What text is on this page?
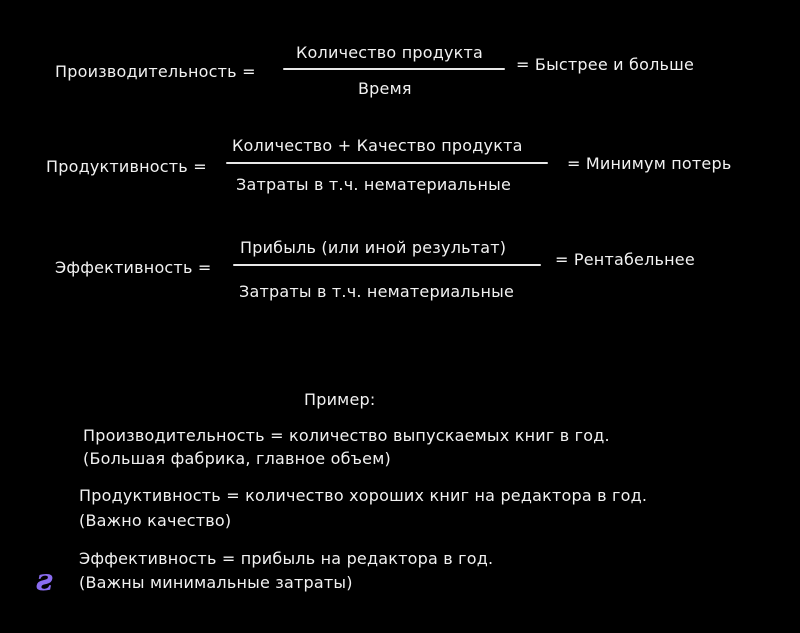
Производительность =
Количество продукта
Время
= Быстрее и больше
Продуктивность =
Количество + Качество продукта
Затраты в т.ч. нематериальные
= Минимум потерь
Эффективность =
Прибыль (или иной результат)
Затраты в т.ч. нематериальные
= Рентабельнее
Пример:
Производительность = количество выпускаемых книг в год.
(Большая фабрика, главное объем)
Продуктивность = количество хороших книг на редактора в год.
(Важно качество)
Эффективность = прибыль на редактора в год.
(Важны минимальные затраты)
ƨ
